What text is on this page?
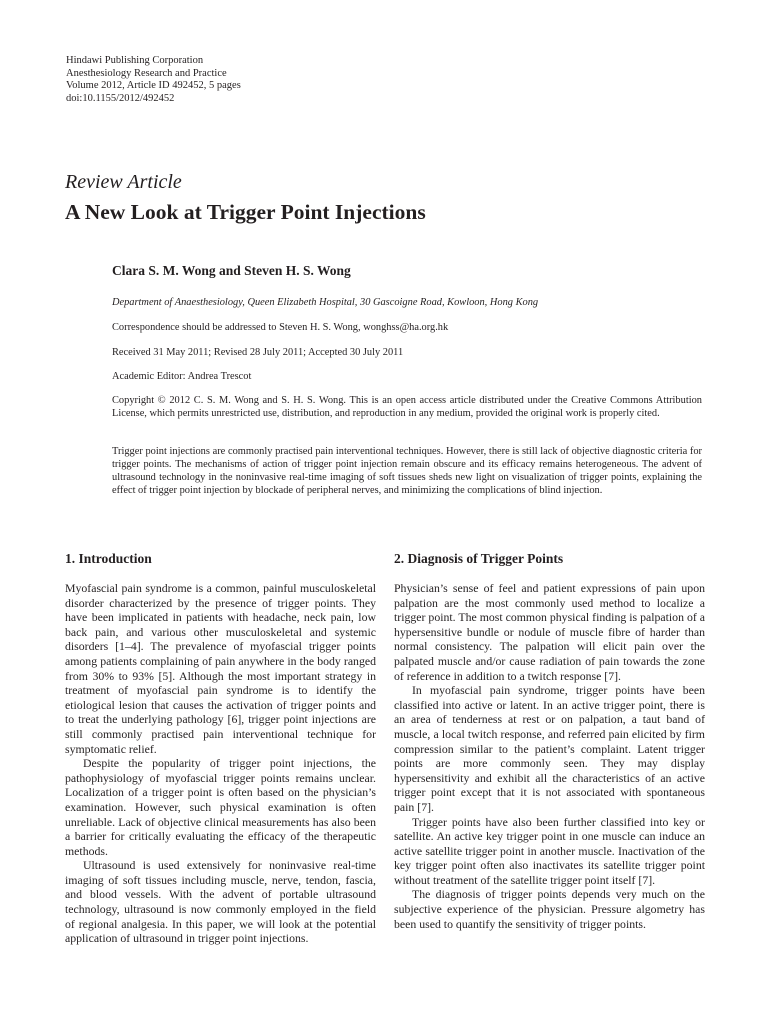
Hindawi Publishing Corporation
Anesthesiology Research and Practice
Volume 2012, Article ID 492452, 5 pages
doi:10.1155/2012/492452
Review Article
A New Look at Trigger Point Injections
Clara S. M. Wong and Steven H. S. Wong
Department of Anaesthesiology, Queen Elizabeth Hospital, 30 Gascoigne Road, Kowloon, Hong Kong
Correspondence should be addressed to Steven H. S. Wong, wonghss@ha.org.hk
Received 31 May 2011; Revised 28 July 2011; Accepted 30 July 2011
Academic Editor: Andrea Trescot
Copyright © 2012 C. S. M. Wong and S. H. S. Wong. This is an open access article distributed under the Creative Commons Attribution License, which permits unrestricted use, distribution, and reproduction in any medium, provided the original work is properly cited.
Trigger point injections are commonly practised pain interventional techniques. However, there is still lack of objective diagnostic criteria for trigger points. The mechanisms of action of trigger point injection remain obscure and its efficacy remains heterogeneous. The advent of ultrasound technology in the noninvasive real-time imaging of soft tissues sheds new light on visualization of trigger points, explaining the effect of trigger point injection by blockade of peripheral nerves, and minimizing the complications of blind injection.
1. Introduction

Myofascial pain syndrome is a common, painful musculoskeletal disorder characterized by the presence of trigger points. They have been implicated in patients with headache, neck pain, low back pain, and various other musculoskeletal and systemic disorders [1–4]. The prevalence of myofascial trigger points among patients complaining of pain anywhere in the body ranged from 30% to 93% [5]. Although the most important strategy in treatment of myofascial pain syndrome is to identify the etiological lesion that causes the activation of trigger points and to treat the underlying pathology [6], trigger point injections are still commonly practised pain interventional technique for symptomatic relief.

Despite the popularity of trigger point injections, the pathophysiology of myofascial trigger points remains unclear. Localization of a trigger point is often based on the physician’s examination. However, such physical examination is often unreliable. Lack of objective clinical measurements has also been a barrier for critically evaluating the efficacy of the therapeutic methods.

Ultrasound is used extensively for noninvasive real-time imaging of soft tissues including muscle, nerve, tendon, fascia, and blood vessels. With the advent of portable ultrasound technology, ultrasound is now commonly employed in the field of regional analgesia. In this paper, we will look at the potential application of ultrasound in trigger point injections.

2. Diagnosis of Trigger Points

Physician’s sense of feel and patient expressions of pain upon palpation are the most commonly used method to localize a trigger point. The most common physical finding is palpation of a hypersensitive bundle or nodule of muscle fibre of harder than normal consistency. The palpation will elicit pain over the palpated muscle and/or cause radiation of pain towards the zone of reference in addition to a twitch response [7].

In myofascial pain syndrome, trigger points have been classified into active or latent. In an active trigger point, there is an area of tenderness at rest or on palpation, a taut band of muscle, a local twitch response, and referred pain elicited by firm compression similar to the patient’s complaint. Latent trigger points are more commonly seen. They may display hypersensitivity and exhibit all the characteristics of an active trigger point except that it is not associated with spontaneous pain [7].

Trigger points have also been further classified into key or satellite. An active key trigger point in one muscle can induce an active satellite trigger point in another muscle. Inactivation of the key trigger point often also inactivates its satellite trigger point without treatment of the satellite trigger point itself [7].

The diagnosis of trigger points depends very much on the subjective experience of the physician. Pressure algometry has been used to quantify the sensitivity of trigger points.
